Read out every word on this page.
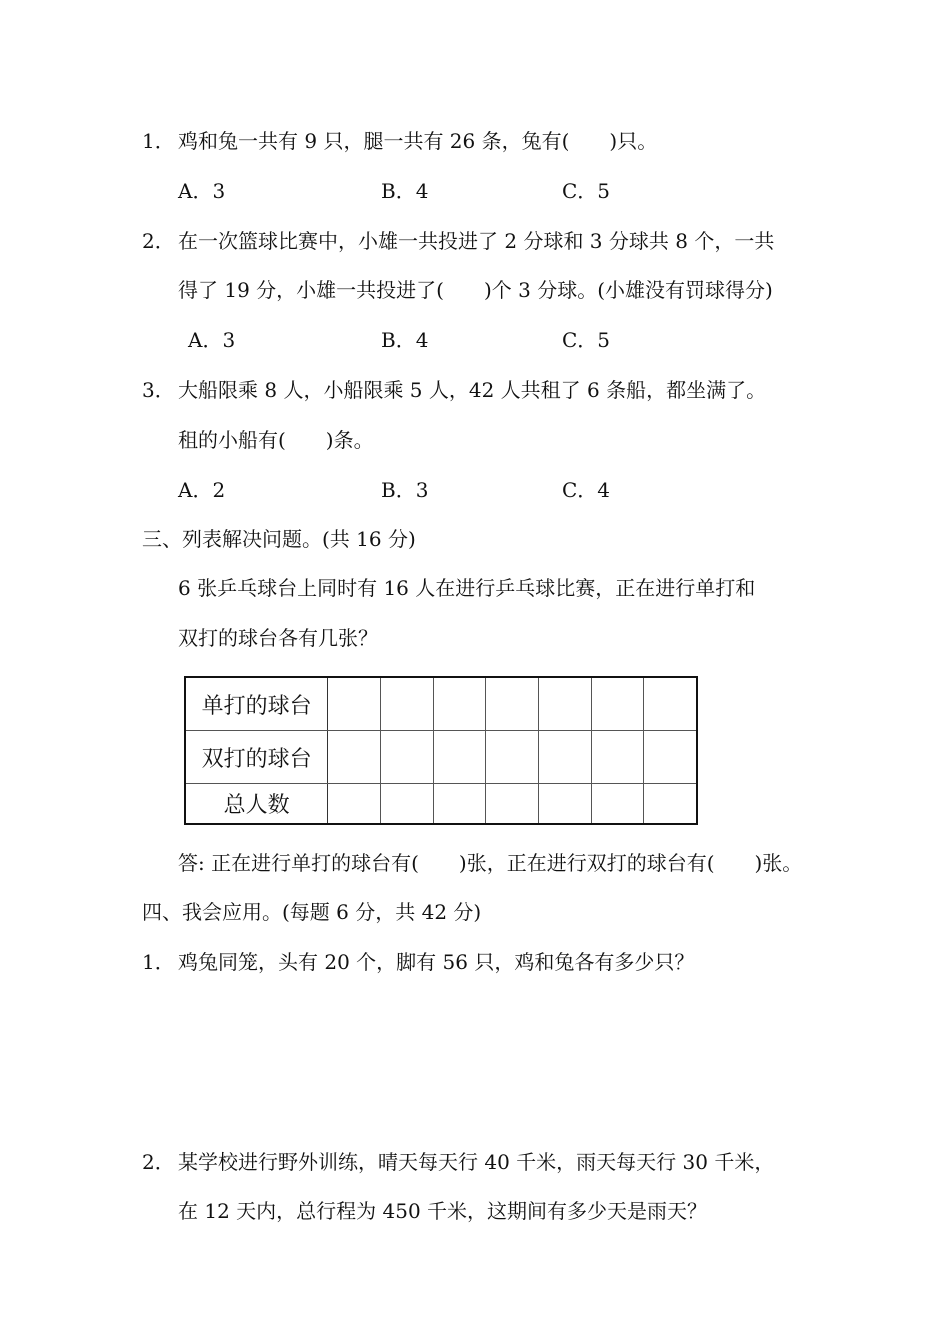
1． 鸡和兔一共有 9 只，腿一共有 26 条，兔有(　　)只。
A．3	B．4	C．5
2． 在一次篮球比赛中，小雄一共投进了 2 分球和 3 分球共 8 个，一共
得了 19 分，小雄一共投进了(　　)个 3 分球。(小雄没有罚球得分)
A．3	B．4	C．5
3． 大船限乘 8 人，小船限乘 5 人，42 人共租了 6 条船，都坐满了。
租的小船有(　　)条。
A．2	B．3	C．4
三、列表解决问题。(共 16 分)
6 张乒乓球台上同时有 16 人在进行乒乓球比赛，正在进行单打和
双打的球台各有几张？
单打的球台							
双打的球台							
总人数							
答: 正在进行单打的球台有(　　)张，正在进行双打的球台有(　　)张。
四、我会应用。(每题 6 分，共 42 分)
1． 鸡兔同笼，头有 20 个，脚有 56 只，鸡和兔各有多少只？
2． 某学校进行野外训练，晴天每天行 40 千米，雨天每天行 30 千米，
在 12 天内，总行程为 450 千米，这期间有多少天是雨天？
